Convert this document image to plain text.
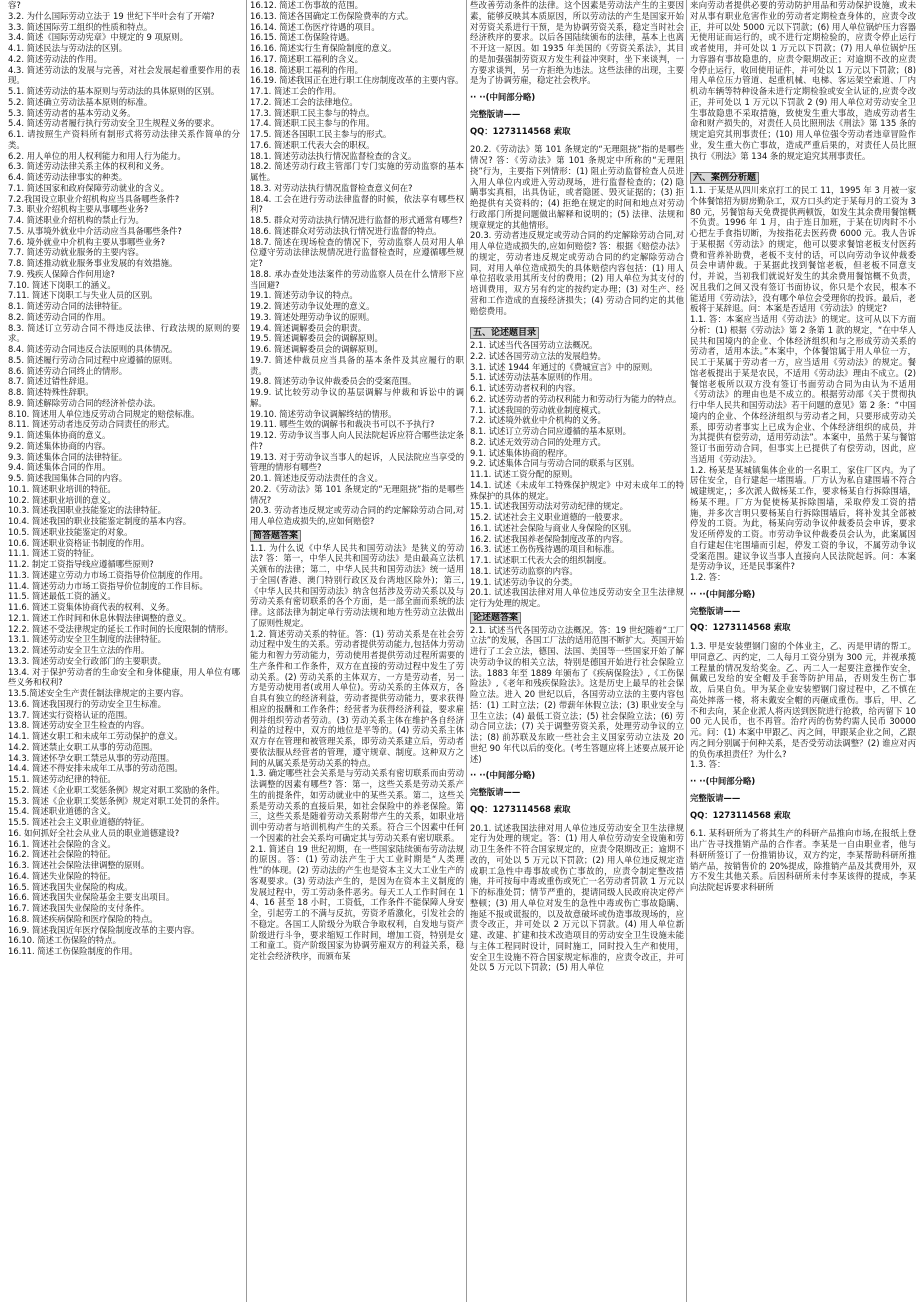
容?

3.2. 为什么国际劳动立法于 19 世纪下半叶会有了开端?

3.3. 简述国际劳工组织的性质和特点。

3.4. 简述《国际劳动宪章》中规定的 9 项原则。

4.1. 简述民法与劳动法的区别。

4.2. 简述劳动法的作用。

4.3. 简述劳动法的发展与完善，对社会发展起着重要作用的表现。

5.1. 简述劳动法的基本原则与劳动法的具体原则的区别。

5.2. 简述确立劳动法基本原则的标准。

5.3. 简述劳动者的基本劳动义务。

5.4. 简述劳动者履行执行劳动安全卫生规程义务的要求。

6.1. 请按照生产资料所有制形式将劳动法律关系作简单的分类。

6.2. 用人单位的用人权利能力和用人行为能力。

6.3. 简述劳动法律关系主体的权利和义务。

6.4. 简述劳动法律事实的种类。

7.1. 简述国家和政府保障劳动就业的含义。

7.2.我国设立职业介绍机构应当具备哪些条件?

7.3. 职业介绍机构主要从事哪些业务?

7.4. 简述职业介绍机构的禁止行为。

7.5. 从事境外就业中介活动应当具备哪些条件?

7.6. 境外就业中介机构主要从事哪些业务?

7.7. 简述劳动就业服务的主要内容。

7.8. 简述推动就业服务事业发展的有效措施。

7.9. 残疾人保障合作何用途?

7.10. 简述下岗职工的涵义。

7.11. 简述下岗职工与失业人员的区别。

8.1. 简述劳动合同的法律特征。

8.2. 简述劳动合同的作用。

8.3. 简述订立劳动合同不得违反法律、行政法规的原则的要求。

8.4. 简述劳动合同违反合法原则的具体情况。

8.5. 简述履行劳动合同过程中应遵循的原则。

8.6. 简述劳动合同终止的情形。

8.7. 简述过错性辞退。

8.8. 简述特殊性辞职。

8.9. 简述解除劳动合同的经济补偿办法。

8.10. 简述用人单位违反劳动合同规定的赔偿标准。

8.11. 简述劳动者违反劳动合同责任的形式。

9.1. 简述集体协商的意义。

9.2. 简述集体协商的内容。

9.3. 简述集体合同的法律特征。

9.4. 简述集体合同的作用。

9.5. 简述我国集体合同的内容。

10.1. 简述职业培训的特征。

10.2. 简述职业培训的意义。

10.3. 简述我国职业技能鉴定的法律特征。

10.4. 简述我国的职业技能鉴定制度的基本内容。

10.5. 简述职业技能鉴定的对象。

10.6. 简述职业资格证书制度的作用。

11.1. 简述工资的特征。

11.2. 制定工资指导线应遵循哪些原则?

11.3. 简述建立劳动力市场工资指导价位制度的作用。

11.4. 简述劳动力市场工资指导价位制度的工作目标。

11.5. 简述最低工资的涵义。

11.6. 简述工资集体协商代表的权利、义务。

12.1. 简述工作时间和休息休假法律调整的意义。

12.2. 简述不受法律规定的延长工作时间的长度限制的情形。

13.1. 简述劳动安全卫生制度的法律特征。

13.2. 简述劳动安全卫生立法的作用。

13.3. 简述劳动安全行政部门的主要职责。

13.4. 对于保护劳动者的生命安全和身体健康，用人单位有哪些义务和权利?

13.5.简述安全生产责任制法律规定的主要内容。

13.6. 简述我国现行的劳动安全卫生标准。

13.7. 简述实行资格认证的范围。

13.8. 简述劳动安全卫生检查的内容。

14.1. 简述女职工和未成年工劳动保护的意义。

14.2. 简述禁止女职工从事的劳动范围。

14.3. 简述怀孕女职工禁忌从事的劳动范围。

14.4. 简述不得安排未成年工从事的劳动范围。

15.1. 简述劳动纪律的特征。

15.2. 简述《企业职工奖惩条例》规定对职工奖励的条件。

15.3. 简述《企业职工奖惩条例》规定对职工处罚的条件。

15.4. 简述职业道德的含义。

15.5. 简述社会主义职业道德的特征。

16. 如何抓好全社会从业人员的职业道德建设?

16.1. 简述社会保险的含义。

16.2. 简述社会保险的特征。

16.3. 简述社会保险法律调整的原则。

16.4. 简述失业保险的特征。

16.5. 简述我国失业保险的构成。

16.6. 简述我国失业保险基金主要支出项目。

16.7. 简述我国失业保险的支付条件。

16.8. 简述疾病保险和医疗保险的特点。

16.9. 简述我国近年医疗保险制度改革的主要内容。

16.10. 简述工伤保险的特点。

16.11. 简述工伤保险制度的作用。

16.12. 简述工伤事故的范围。

16.13. 简述各国确定工伤保险费率的方式。

16.14. 简述工伤医疗待遇的项目。

16.15. 简述工伤保险待遇。

16.16. 简述实行生育保险制度的意义。

16.17. 简述职工福利的含义。

16.18. 简述职工福利的作用。

16.19. 简述我国正在进行职工住房制度改革的主要内容。

17.1. 简述工会的作用。

17.2. 简述工会的法律地位。

17.3. 简述职工民主参与的特点。

17.4. 简述职工民主参与的作用。

17.5. 简述各国职工民主参与的形式。

17.6. 简述职工代表大会的职权。

18.1. 简述劳动法执行情况监督检查的含义。

18.2. 简述劳动行政主管部门专门实施的劳动监察的基本属性。

18.3. 对劳动法执行情况监督检查意义何在?

18.4. 工会在进行劳动法律监督的时候，依法享有哪些权利?

18.5. 群众对劳动法执行情况进行监督的形式通常有哪些?

18.6. 简述群众对劳动法执行情况进行监督的特点。

18.7. 简述在现场检查的情况下，劳动监察人员对用人单位遵守劳动法律法规情况进行监督检查时，应遵循哪些规定?

18.8. 承办查处违法案件的劳动监察人员在什么情形下应当回避?

19.1. 简述劳动争议的特点。

19.2. 简述劳动争议处理的意义。

19.3. 简述处理劳动争议的原则。

19.4. 简述调解委员会的职责。

19.5. 简述调解委员会的调解原则。

19.6. 简述调解委员会的调解原则。

19.7. 简述仲裁员应当具备的基本条件及其应履行的职责。

19.8. 简述劳动争议仲裁委员会的受案范围。

19.9. 试比较劳动争议的基层调解与仲裁和诉讼中的调解。

19.10. 简述劳动争议调解终结的情形。

19.11. 哪些生效的调解书和裁决书可以不予执行?

19.12. 劳动争议当事人向人民法院起诉应符合哪些法定条件?

19.13. 对于劳动争议当事人的起诉，人民法院应当享受的管理的情形有哪些?

20.1. 简述违反劳动法责任的含义。

20.2.《劳动法》第 101 条规定的“无理阻挠”指的是哪些情况?

20.3. 劳动者违反规定或劳动合同的约定解除劳动合同,对用人单位造成损失的,应如何赔偿?

简答题答案

1.1. 为什么说《中华人民共和国劳动法》是狭义的劳动法? 答：第一，中华人民共和国劳动法》是由最高立法机关颁布的法律；第二，中华人民共和国劳动法》统一适用于全国(香港、澳门特别行政区及台湾地区除外)；第三,《中华人民共和国劳动法》纳含包括涉及劳动关系以及与劳动关系有密切联系的各个方面，是一部全面而系统的法律。这部法律为制定单行劳动法规和地方性劳动立法做出了原则性规定。

1.2. 简述劳动关系的特征。答：(1) 劳动关系是在社会劳动过程中发生的关系。劳动者提供劳动能力,包括体力劳动能力和智力劳动能力，劳动使用者提供劳动过程所需要的生产条件和工作条件，双方在直接的劳动过程中发生了劳动关系。(2) 劳动关系的主体双方，一方是劳动者，另一方是劳动使用者(或用人单位)。劳动关系的主体双方，各自具有独立的经济利益，劳动者提供劳动能力，要求获得相应的报酬和工作条件；经营者为获得经济利益，要求雇佣并组织劳动者劳动。(3) 劳动关系主体在维护各自经济利益的过程中，双方的地位是平等的。(4) 劳动关系主体双方存在管理和被管理关系，即劳动关系建立后，劳动者要依法服从经营者的管理，遵守规章、制度。这种双方之间的从属关系是劳动关系的特点。

1.3. 确定哪些社会关系是与劳动关系有密切联系而由劳动法调整的因素有哪些? 答：第一，这些关系是劳动关系产生的前提条件，如劳动就业中的某些关系。第二，这些关系是劳动关系的直接后果，如社会保险中的养老保险。第三，这些关系是随着劳动关系附带产生的关系，如职业培训中劳动者与培训机构产生的关系。符合三个因素中任何一个因素的社会关系均可确定其与劳动关系有密切联系。

2.1. 简述自 19 世纪初期，在一些国家陆续颁布劳动法规的原因。答：(1) 劳动法产生于大工业时期是“人类理性”的体现。(2) 劳动法的产生也是资本主义大工业生产的客观要求。(3) 劳动法产生的，是因为在资本主义制度的发展过程中，劳工劳动条件恶劣。每天工人工作时间在 14、16 甚至 18 小时，工资低，工作条件不能保障人身安全，引起劳工的不满与反抗，劳资矛盾激化，引发社会的不稳定。各国工人阶级分为联合争取权利，自发地与资产阶级进行斗争，要求缩短工作时间，增加工资，特别是女工和童工。资产阶级国家为协调劳雇双方的利益关系，稳定社会经济秩序，而颁布某

些改善劳动条件的法律。这个因素是劳动法产生的主要因素，能够反映其本质原因，所以劳动法的产生是国家开始对劳资关系进行干预，是为协调劳资关系，稳定当时社会经济秩序的要求。以后各国陆续颁布的法律，基本上也离不开这一原因。如 1935 年美国的《劳资关系法》，其目的是加强强制劳资双方发生利益冲突时，坐下来谈判，一方要求谈判，另一方拒绝为违法。这些法律的出现，主要是为了协调劳雇，稳定社会秩序。

·· ··(中间部分略)

完整版请——

QQ：1273114568 索取

20.2.《劳动法》第 101 条规定的“无理阻挠”指的是哪些情况? 答：《劳动法》第 101 条规定中所称的“无理阻挠”行为，主要指下列情形：(1) 阻止劳动监督检查人员进入用人单位内或进入劳动现场，进行监督检查的；(2) 隐瞒事实真相，出具伪证，或者隐匿、毁灭证据的；(3) 拒绝提供有关资料的；(4) 拒绝在规定的时间和地点对劳动行政部门所提问题做出解释和说明的；(5) 法律、法规和规章规定的其他情形。

20.3. 劳动者违反规定或劳动合同的约定解除劳动合同,对用人单位造成损失的,应如何赔偿? 答：根据《赔偿办法》的规定，劳动者违反规定或劳动合同的约定解除劳动合同，对用人单位造成损失的具体赔偿内容包括：(1) 用人单位招收录用其所支付的费用；(2) 用人单位为其支付的培训费用，双方另有约定的按约定办理；(3) 对生产、经营和工作造成的直接经济损失；(4) 劳动合同约定的其他赔偿费用。

五、论述题目录

2.1. 试述当代各国劳动立法概况。

2.2. 试述各国劳动立法的发展趋势。

3.1. 试述 1944 年通过的《费城宣言》中的原则。

5.1. 试述劳动法基本原则的作用。

6.1. 试述劳动者权利的内容。

6.2. 试述劳动者的劳动权利能力和劳动行为能力的特点。

7.1. 试述我国的劳动就业制度模式。

7.2. 试述境外就业中介机构的义务。

8.1. 试述订立劳动合同应遵循的基本原则。

8.2. 试述无效劳动合同的处理方式。

9.1. 试述集体协商的程序。

9.2. 试述集体合同与劳动合同的联系与区别。

11.1. 试述工资分配的原则。

14.1. 试述《未成年工特殊保护规定》中对未成年工的特殊保护的具体的规定。

15.1. 试述我国劳动法对劳动纪律的规定。

15.2. 试述社会主义职业道德的一般要求。

16.1. 试述社会保险与商业人身保险的区别。

16.2. 试述我国养老保险制度改革的内容。

16.3. 试述工伤伤残待遇的项目和标准。

17.1. 试述职工代表大会的组织制度。

18.1. 试述劳动监察的内容。

19.1. 试述劳动争议的分类。

20.1. 试述我国法律对用人单位违反劳动安全卫生法律规定行为处理的规定。

论述题答案

2.1. 试述当代各国劳动立法概况。答：19 世纪随着“工厂立法”的发展，各国工厂法的适用范围不断扩大。英国开始进行了工会立法，德国、法国、美国等一些国家开始了解决劳动争议的相关立法，特别是德国开始进行社会保险立法。1883 年至 1889 年颁布了《疾病保险法》,《工伤保险法》,《老年和残疾保险法》。这是历史上最早的社会保险立法。进入 20 世纪以后，各国劳动立法的主要内容包括：(1) 工时立法；(2) 带薪年休假立法；(3) 职业安全与卫生立法；(4) 最低工资立法；(5) 社会保险立法；(6) 劳动合同立法；(7) 关于调整劳资关系，处理劳动争议的立法；(8) 前苏联及东欧一些社会主义国家劳动立法及 20 世纪 90 年代以后的变化。(考生答题应将上述要点展开论述)

·· ··(中间部分略)

完整版请——

QQ：1273114568 索取

20.1. 试述我国法律对用人单位违反劳动安全卫生法律规定行为处理的规定。答：(1) 用人单位劳动安全设施和劳动卫生条件不符合国家规定的，应责令限期改正；逾期不改的，可处以 5 万元以下罚款；(2) 用人单位违反规定造成职工急性中毒事故或伤亡事故的，应责令制定整改措施，并可按每中毒或重伤或死亡一名劳动者罚款 1 万元以下的标准处罚；情节严重的，提请同级人民政府决定停产整顿；(3) 用人单位对发生的急性中毒或伤亡事故隐瞒、拖延不报或谎报的，以及故意破坏或伪造事故现场的，应责令改正，并可处以 2 万元以下罚款。(4) 用人单位新建、改建、扩建和技术改造项目的劳动安全卫生设施未能与主体工程同时设计，同时施工，同时投入生产和使用，安全卫生设施不符合国家规定标准的，应责令改正，并可处以 5 万元以下罚款；(5) 用人单位

来向劳动者提供必要的劳动防护用品和劳动保护设施，或未对从事有职业危害作业的劳动者定期检查身体的，应责令改正，并可以处 5000 元以下罚款；(6) 用人单位锅炉压力容器无使用证而运行的，或不进行定期检验的，应责令停止运行或者使用，并可处以 1 万元以下罚款；(7) 用人单位锅炉压力容器有事故隐患的，应责令限期改正；对逾期不改的应责令停止运行，收回使用证件，并可处以 1 万元以下罚款；(8) 用人单位压力管道、起重机械、电梯、客运架空索道、厂内机动车辆等特种设备未进行定期检验或安全认证的,应责令改正，并可处以 1 万元以下罚款 2 (9) 用人单位对劳动安全卫生事故隐患不采取措施，致使发生重大事故，造成劳动者生命和财产损失的，对责任人员比照刑法《刑法》第 135 条的规定追究其刑事责任；(10) 用人单位强令劳动者违章冒险作业，发生重大伤亡事故，造成严重后果的，对责任人员比照执行《刑法》第 134 条的规定追究其刑事责任。

六、案例分析题

1.1. 于某是从四川来京打工的民工 11，1995 年 3 月被一家个体餐馆招为厨房勤杂工，双方口头约定于某每月的工资为 380 元，另餐馆每天免费提供两顿饭，如发生其余费用餐馆概不负责。1996 年 1 月，由于连日加班，于某在切肉时不小心把左手食指切断，为按指花去医药费 6000 元。我人告诉于某根据《劳动法》的规定，他可以要求餐馆老板支付医药费和营养补助费，老板不支付的话，可以向劳动争议仲裁委员会申请仲裁。于某据此找到餐馆老板，但老板不同意支付，并说，当初我们就说好发生的其余费用餐馆概不负责，况且我们之间又没有签订书面协议，你只是个农民，根本不能适用《劳动法》，没有哪个单位会受理你的投诉。最后，老板将于某辞退。问：本案是否适用《劳动法》的规定?

1.1. 答：本案应当适用《劳动法》的规定。这可从以下方面分析：(1) 根据《劳动法》第 2 条第 1 款的规定，“在中华人民共和国境内的企业、个体经济组织和与之形成劳动关系的劳动者，适用本法。”本案中，个体餐馆属于用人单位一方，民工于某属于劳动者一方，应当适用《劳动法》的规定。餐馆老板提出于某是农民，不适用《劳动法》理由不成立。(2) 餐馆老板所以双方没有签订书面劳动合同为由认为不适用《劳动法》的理由也是不成立的。根据劳动部《关于贯彻执行中华人民共和国劳动法》若干问题的意见》第 2 条：“中国境内的企业、个体经济组织与劳动者之间，只要形成劳动关系，即劳动者事实上已成为企业、个体经济组织的成员，并为其提供有偿劳动，适用劳动法”。本案中，虽然于某与餐馆签订书面劳动合同，但事实上已提供了有偿劳动，因此，应当适用《劳动法》。

1.2. 杨某是某城镇集体企业的一名职工，家住厂区内。为了居住安全，自行建起一堵围墙。厂方认为私自建围墙不符合城建规定，；多次派人做杨某工作，要求杨某自行拆除围墙，杨某不理。厂方为促使杨某拆除围墙，采取停发工资的措施，并多次言明只要杨某自行拆除围墙后，将补发其全部被停发的工资。为此，杨某向劳动争议仲裁委员会申诉，要求发还所停发的工资。市劳动争议仲裁委员会认为，此案属因自行建起住宅围墙而引起，停发工资的争议，不属劳动争议受案范围。建议争议当事人直接向人民法院起诉。问：本案是劳动争议，还是民事案件?

1.2. 答：

·· ··(中间部分略)

完整版请——

QQ：1273114568 索取

1.3. 甲是安装塑钢门窗的个体业主，乙、丙是甲请的帮工。甲同意乙、丙约定，二人每月工资分别为 300 元，并视承揽工程量的情况发给奖金。乙、丙二人一起要注意操作安全，佩戴已发给的安全帽及手套等防护用品，否则发生伤亡事故，后果自负。甲为某企业安装塑钢门窗过程中，乙不慎在高处摔落一楼，将未戴安全帽的丙砸成重伤。事后，甲、乙不和去向，某企业派人将丙送到医院进行抢救，给丙留下 1000 元人民币，也不再管。治疗丙的伤势约需人民币 30000 元。问：(1) 本案中甲跟乙、丙之间，甲跟某企业之间，乙跟丙之间分别属于何种关系，是否受劳动法调整？(2) 谁应对丙的负伤承担责任？为什么?

1.3. 答：

·· ··(中间部分略)

完整版请——

QQ：1273114568 索取

6.1. 某科研所为了将其生产的科研产品推向市场,在报纸上登出广告寻找推销产品的合作者。李某是一自由职业者，他与科研所签订了一份推销协议，双方约定，李某帮助科研所推销产品，按销售价的 20%提成，除推销产品及其费用外，双方不发生其他关系。后因科研所未付李某该得的提成，李某向法院起诉要求科研所
